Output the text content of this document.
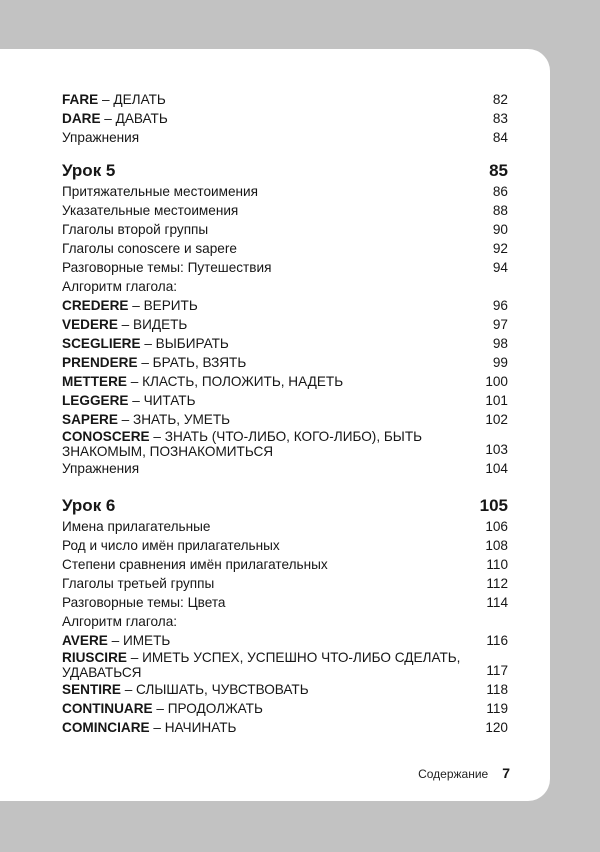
FARE – ДЕЛАТЬ	82
DARE – ДАВАТЬ	83
Упражнения	84
Урок 5	85
Притяжательные местоимения	86
Указательные местоимения	88
Глаголы второй группы	90
Глаголы conoscere и sapere	92
Разговорные темы: Путешествия	94
Алгоритм глагола:
CREDERE – ВЕРИТЬ	96
VEDERE – ВИДЕТЬ	97
SCEGLIERE – ВЫБИРАТЬ	98
PRENDERE – БРАТЬ, ВЗЯТЬ	99
METTERE – КЛАСТЬ, ПОЛОЖИТЬ, НАДЕТЬ	100
LEGGERE – ЧИТАТЬ	101
SAPERE – ЗНАТЬ, УМЕТЬ	102
CONOSCERE – ЗНАТЬ (ЧТО-ЛИБО, КОГО-ЛИБО), БЫТЬ ЗНАКОМЫМ, ПОЗНАКОМИТЬСЯ	103
Упражнения	104
Урок 6	105
Имена прилагательные	106
Род и число имён прилагательных	108
Степени сравнения имён прилагательных	110
Глаголы третьей группы	112
Разговорные темы: Цвета	114
Алгоритм глагола:
AVERE – ИМЕТЬ	116
RIUSCIRE – ИМЕТЬ УСПЕХ, УСПЕШНО ЧТО-ЛИБО СДЕЛАТЬ, УДАВАТЬСЯ	117
SENTIRE – СЛЫШАТЬ, ЧУВСТВОВАТЬ	118
CONTINUARE – ПРОДОЛЖАТЬ	119
COMINCIARE – НАЧИНАТЬ	120
Содержание 7
